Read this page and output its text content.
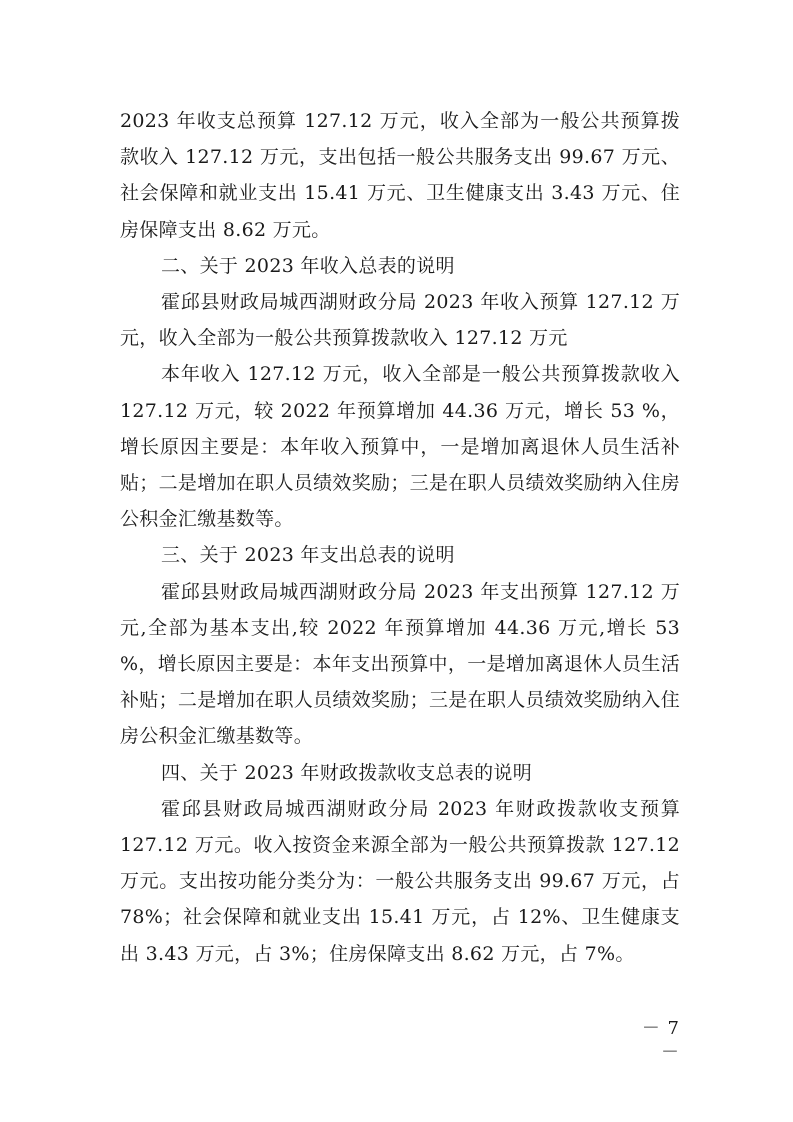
2023 年收支总预算 127.12 万元，收入全部为一般公共预算拨款收入 127.12 万元，支出包括一般公共服务支出 99.67 万元、社会保障和就业支出 15.41 万元、卫生健康支出 3.43 万元、住房保障支出 8.62 万元。

二、关于 2023 年收入总表的说明

霍邱县财政局城西湖财政分局 2023 年收入预算 127.12 万元，收入全部为一般公共预算拨款收入 127.12 万元

本年收入 127.12 万元，收入全部是一般公共预算拨款收入 127.12 万元，较 2022 年预算增加 44.36 万元，增长 53 %，增长原因主要是：本年收入预算中，一是增加离退休人员生活补贴；二是增加在职人员绩效奖励；三是在职人员绩效奖励纳入住房公积金汇缴基数等。

三、关于 2023 年支出总表的说明

霍邱县财政局城西湖财政分局 2023 年支出预算 127.12 万元,全部为基本支出,较 2022 年预算增加 44.36 万元,增长 53 %，增长原因主要是：本年支出预算中，一是增加离退休人员生活补贴；二是增加在职人员绩效奖励；三是在职人员绩效奖励纳入住房公积金汇缴基数等。

四、关于 2023 年财政拨款收支总表的说明

霍邱县财政局城西湖财政分局 2023 年财政拨款收支预算 127.12 万元。收入按资金来源全部为一般公共预算拨款 127.12 万元。支出按功能分类分为：一般公共服务支出 99.67 万元，占 78%；社会保障和就业支出 15.41 万元，占 12%、卫生健康支出 3.43 万元，占 3%；住房保障支出 8.62 万元，占 7%。

－ 7 －
